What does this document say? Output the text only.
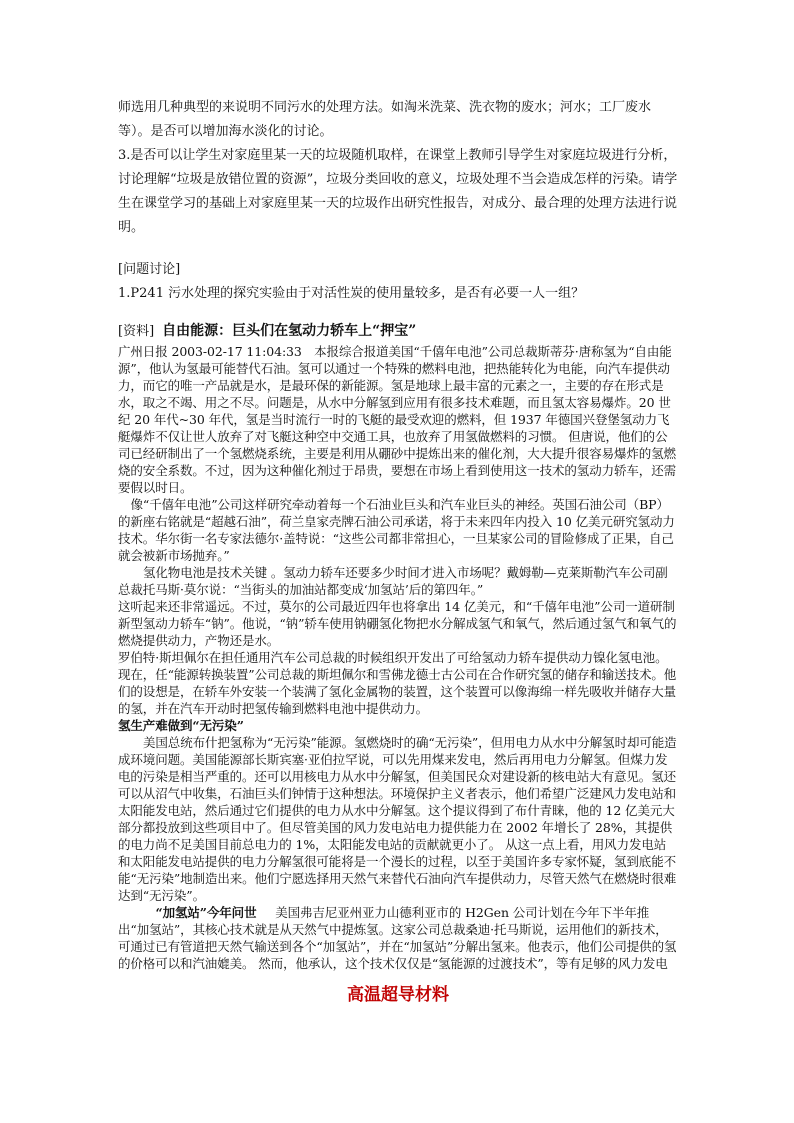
师选用几种典型的来说明不同污水的处理方法。如淘米洗菜、洗衣物的废水；河水；工厂废水等）。是否可以增加海水淡化的讨论。

3.是否可以让学生对家庭里某一天的垃圾随机取样，在课堂上教师引导学生对家庭垃圾进行分析，讨论理解“垃圾是放错位置的资源”，垃圾分类回收的意义，垃圾处理不当会造成怎样的污染。请学生在课堂学习的基础上对家庭里某一天的垃圾作出研究性报告，对成分、最合理的处理方法进行说明。

[问题讨论]

1.P241 污水处理的探究实验由于对活性炭的使用量较多，是否有必要一人一组？

[资料] 自由能源：巨头们在氢动力轿车上“押宝”

广州日报 2003-02-17 11:04:33　本报综合报道美国“千僖年电池”公司总裁斯蒂芬·唐称氢为“自由能源”，他认为氢最可能替代石油。氢可以通过一个特殊的燃料电池，把热能转化为电能，向汽车提供动力，而它的唯一产品就是水，是最环保的新能源。氢是地球上最丰富的元素之一，主要的存在形式是水，取之不竭、用之不尽。问题是，从水中分解氢到应用有很多技术难题，而且氢太容易爆炸。20 世纪 20 年代~30 年代，氢是当时流行一时的飞艇的最受欢迎的燃料，但 1937 年德国兴登堡氢动力飞艇爆炸不仅让世人放弃了对飞艇这种空中交通工具，也放弃了用氢做燃料的习惯。 但唐说，他们的公司已经研制出了一个氢燃烧系统，主要是利用从硼砂中提炼出来的催化剂，大大提升很容易爆炸的氢燃烧的安全系数。不过，因为这种催化剂过于昂贵，要想在市场上看到使用这一技术的氢动力轿车，还需要假以时日。

像“千僖年电池”公司这样研究牵动着每一个石油业巨头和汽车业巨头的神经。英国石油公司（BP）的新座右铭就是“超越石油”，荷兰皇家壳牌石油公司承诺，将于未来四年内投入 10 亿美元研究氢动力技术。华尔街一名专家法德尔·盖特说：“这些公司都非常担心，一旦某家公司的冒险修成了正果，自己就会被新市场抛弃。”

氢化物电池是技术关键 。氢动力轿车还要多少时间才进入市场呢？戴姆勒—克莱斯勒汽车公司副总裁托马斯·莫尔说：“当街头的加油站都变成‘加氢站’后的第四年。”

这听起来还非常遥远。不过，莫尔的公司最近四年也将拿出 14 亿美元，和“千僖年电池”公司一道研制新型氢动力轿车“钠”。他说，“钠”轿车使用钠硼氢化物把水分解成氢气和氧气，然后通过氢气和氧气的燃烧提供动力，产物还是水。

罗伯特·斯坦佩尔在担任通用汽车公司总裁的时候组织开发出了可给氢动力轿车提供动力镍化氢电池。现在，任“能源转换装置”公司总裁的斯坦佩尔和雪佛龙德士古公司在合作研究氢的储存和输送技术。他们的设想是，在轿车外安装一个装满了氢化金属物的装置，这个装置可以像海绵一样先吸收并储存大量的氢，并在汽车开动时把氢传输到燃料电池中提供动力。

氢生产难做到“无污染”

美国总统布什把氢称为“无污染”能源。氢燃烧时的确“无污染”，但用电力从水中分解氢时却可能造成环境问题。美国能源部长斯宾塞·亚伯拉罕说，可以先用煤来发电，然后再用电力分解氢。但煤力发电的污染是相当严重的。还可以用核电力从水中分解氢，但美国民众对建设新的核电站大有意见。氢还可以从沼气中收集，石油巨头们钟情于这种想法。环境保护主义者表示，他们希望广泛建风力发电站和太阳能发电站，然后通过它们提供的电力从水中分解氢。这个提议得到了布什青睐，他的 12 亿美元大部分都投放到这些项目中了。但尽管美国的风力发电站电力提供能力在 2002 年增长了 28%，其提供的电力尚不足美国目前总电力的 1%，太阳能发电站的贡献就更小了。 从这一点上看，用风力发电站和太阳能发电站提供的电力分解氢很可能将是一个漫长的过程，以至于美国许多专家怀疑，氢到底能不能“无污染”地制造出来。他们宁愿选择用天然气来替代石油向汽车提供动力，尽管天然气在燃烧时很难达到“无污染”。

“加氢站”今年问世 美国弗吉尼亚州亚力山德利亚市的 H2Gen 公司计划在今年下半年推出“加氢站”，其核心技术就是从天然气中提炼氢。这家公司总裁桑迪·托马斯说，运用他们的新技术，可通过已有管道把天然气输送到各个“加氢站”，并在“加氢站”分解出氢来。他表示，他们公司提供的氢的价格可以和汽油媲美。 然而，他承认，这个技术仅仅是“氢能源的过渡技术”，等有足够的风力发电

高温超导材料
